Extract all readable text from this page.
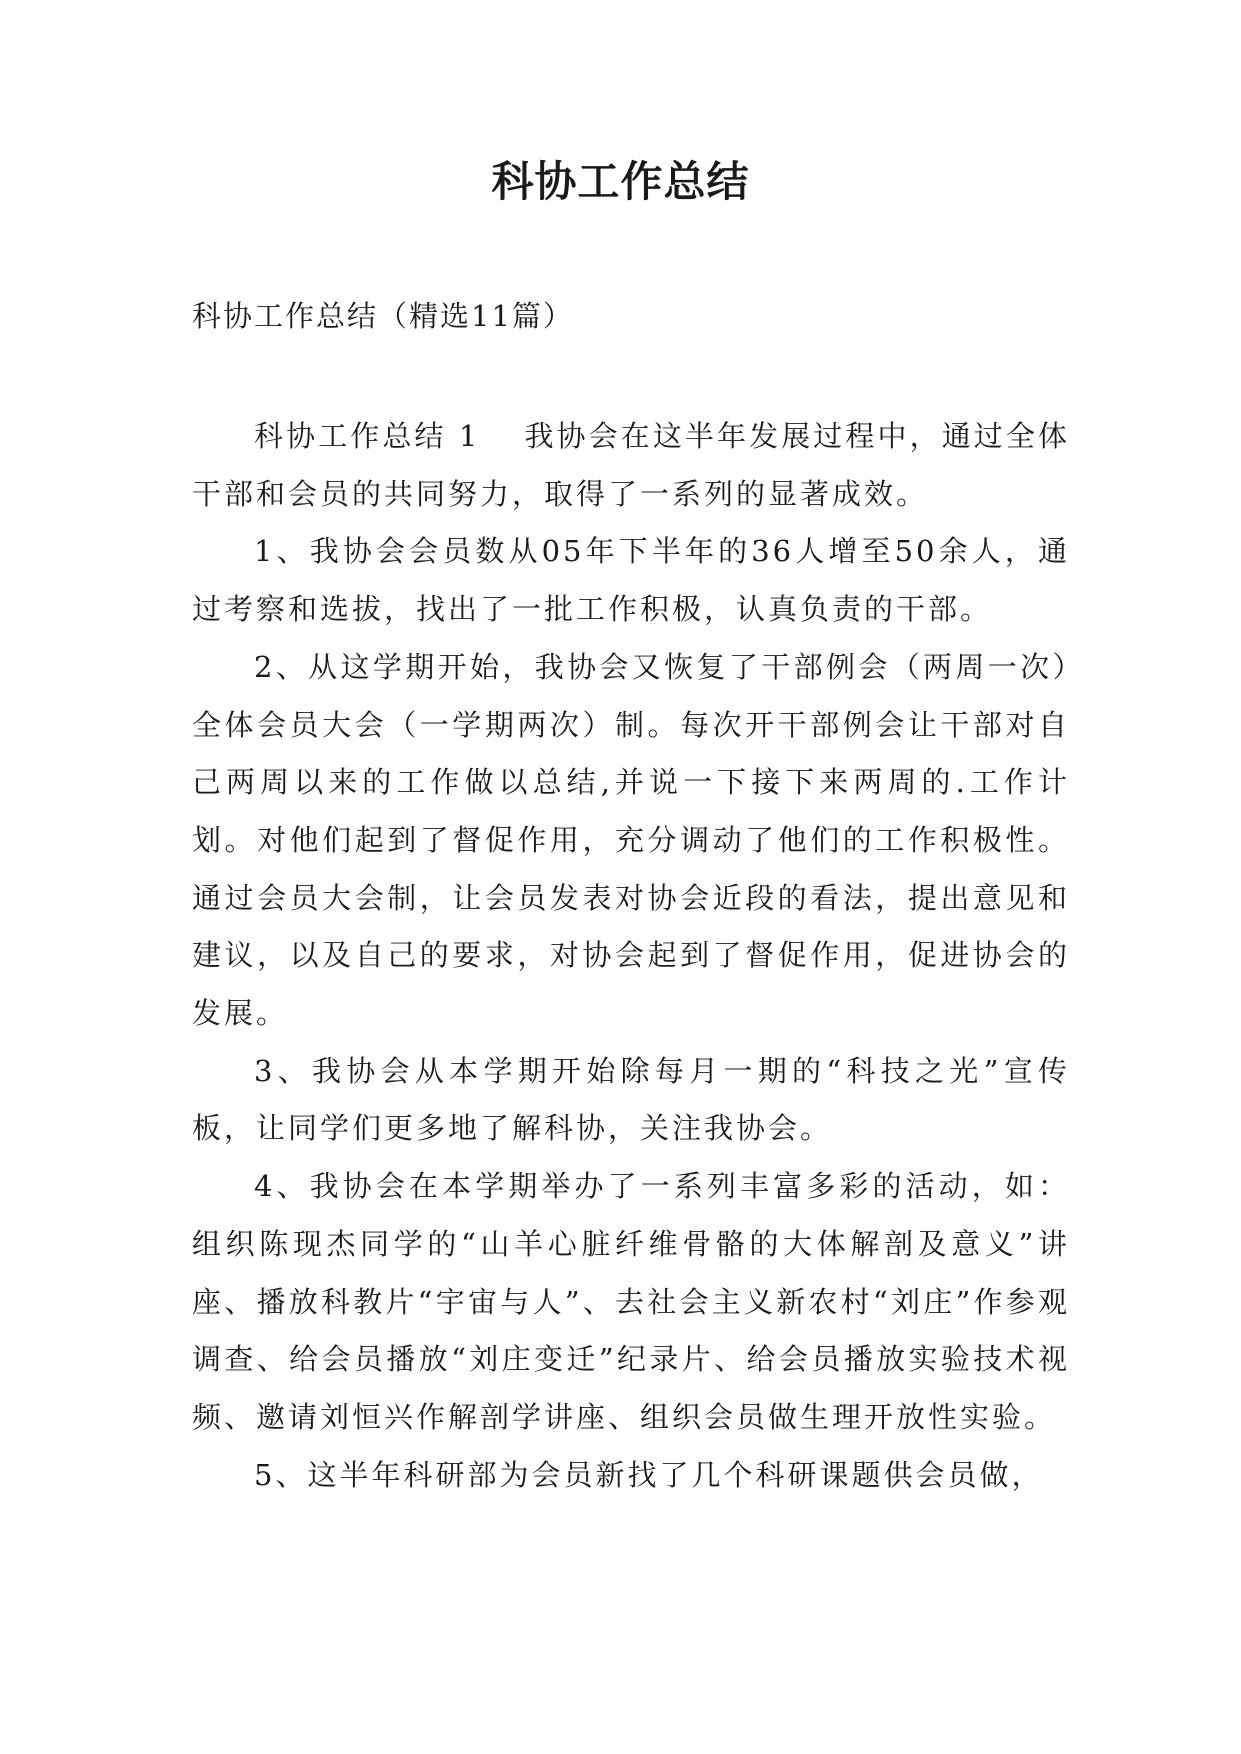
科协工作总结

科协工作总结（精选11篇）

科协工作总结 1 我协会在这半年发展过程中，通过全体干部和会员的共同努力，取得了一系列的显著成效。

1、我协会会员数从05年下半年的36人增至50余人，通过考察和选拔，找出了一批工作积极，认真负责的干部。

2、从这学期开始，我协会又恢复了干部例会（两周一次）全体会员大会（一学期两次）制。每次开干部例会让干部对自己两周以来的工作做以总结,并说一下接下来两周的.工作计划。对他们起到了督促作用，充分调动了他们的工作积极性。通过会员大会制，让会员发表对协会近段的看法，提出意见和建议，以及自己的要求，对协会起到了督促作用，促进协会的发展。

3、我协会从本学期开始除每月一期的“科技之光”宣传板，让同学们更多地了解科协，关注我协会。

4、我协会在本学期举办了一系列丰富多彩的活动，如：组织陈现杰同学的“山羊心脏纤维骨骼的大体解剖及意义”讲座、播放科教片“宇宙与人”、去社会主义新农村“刘庄”作参观调查、给会员播放“刘庄变迁”纪录片、给会员播放实验技术视频、邀请刘恒兴作解剖学讲座、组织会员做生理开放性实验。

5、这半年科研部为会员新找了几个科研课题供会员做，
